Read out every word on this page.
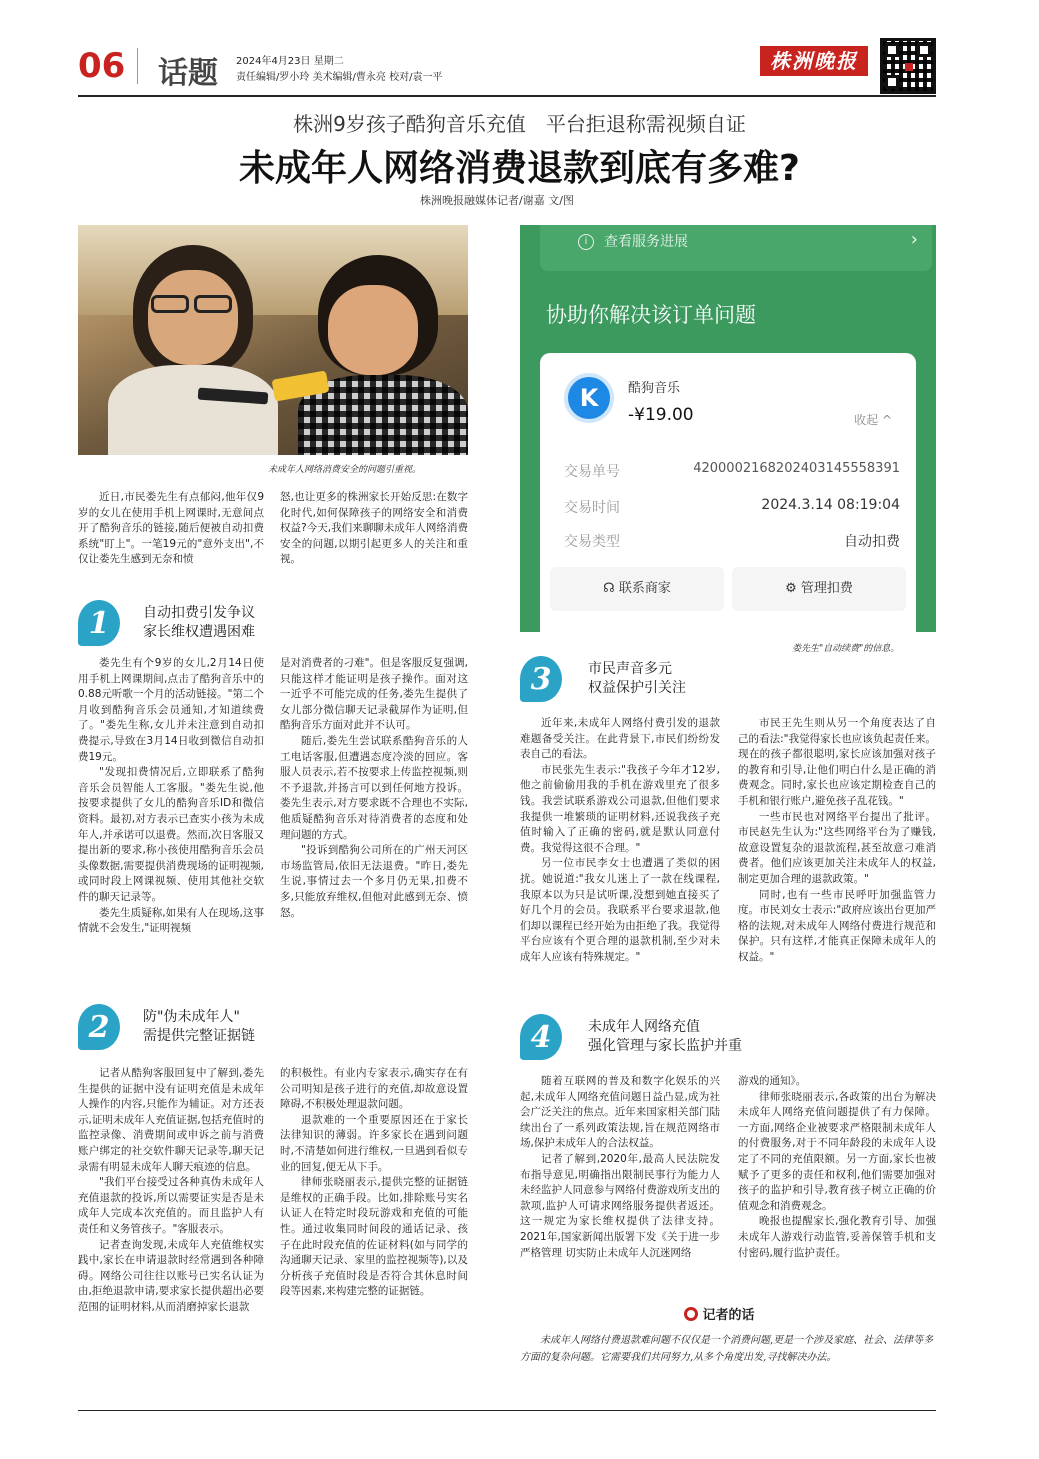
06 话题 2024年4月23日 星期二
责任编辑/罗小玲 美术编辑/曹永亮 校对/袁一平
株洲晚报
株洲9岁孩子酷狗音乐充值　平台拒退称需视频自证
未成年人网络消费退款到底有多难?
株洲晚报融媒体记者/谢嘉 文/图
未成年人网络消费安全的问题引重视。
i	查看服务进展	›
协助你解决该订单问题
K	酷狗音乐
-¥19.00	收起 ^
交易单号	4200002168202403145558391
交易时间	2024.3.14 08:19:04
交易类型	自动扣费
☊ 联系商家	⚙ 管理扣费
娄先生"自动续费"的信息。

近日,市民娄先生有点郁闷,他年仅9岁的女儿在使用手机上网课时,无意间点开了酷狗音乐的链接,随后便被自动扣费系统"盯上"。一笔19元的"意外支出",不仅让娄先生感到无奈和愤

怒,也让更多的株洲家长开始反思:在数字化时代,如何保障孩子的网络安全和消费权益?今天,我们来聊聊未成年人网络消费安全的问题,以期引起更多人的关注和重视。

1	自动扣费引发争议
家长维权遭遇困难

娄先生有个9岁的女儿,2月14日使用手机上网课期间,点击了酷狗音乐中的0.88元听歌一个月的活动链接。"第二个月收到酷狗音乐会员通知,才知道续费了。"娄先生称,女儿并未注意到自动扣费提示,导致在3月14日收到微信自动扣费19元。

"发现扣费情况后,立即联系了酷狗音乐会员智能人工客服。"娄先生说,他按要求提供了女儿的酷狗音乐ID和微信资料。最初,对方表示已查实小孩为未成年人,并承诺可以退费。然而,次日客服又提出新的要求,称小孩使用酷狗音乐会员头像数据,需要提供消费现场的证明视频,或同时段上网课视频、使用其他社交软件的聊天记录等。

娄先生质疑称,如果有人在现场,这事情就不会发生,"证明视频

是对消费者的刁难"。但是客服反复强调,只能这样才能证明是孩子操作。面对这一近乎不可能完成的任务,娄先生提供了女儿部分微信聊天记录截屏作为证明,但酷狗音乐方面对此并不认可。

随后,娄先生尝试联系酷狗音乐的人工电话客服,但遭遇态度冷淡的回应。客服人员表示,若不按要求上传监控视频,则不予退款,并扬言可以到任何地方投诉。娄先生表示,对方要求既不合理也不实际,他质疑酷狗音乐对待消费者的态度和处理问题的方式。

"投诉到酷狗公司所在的广州天河区市场监管局,依旧无法退费。"昨日,娄先生说,事情过去一个多月仍无果,扣费不多,只能放弃维权,但他对此感到无奈、愤怒。

2	防"伪未成年人"
需提供完整证据链

记者从酷狗客服回复中了解到,娄先生提供的证据中没有证明充值是未成年人操作的内容,只能作为辅证。对方还表示,证明未成年人充值证据,包括充值时的监控录像、消费期间或申诉之前与消费账户绑定的社交软件聊天记录等,聊天记录需有明显未成年人聊天痕迹的信息。

"我们平台接受过各种真伪未成年人充值退款的投诉,所以需要证实是否是未成年人完成本次充值的。而且监护人有责任和义务管孩子。"客服表示。

记者查询发现,未成年人充值维权实践中,家长在申请退款时经常遇到各种障碍。网络公司往往以账号已实名认证为由,拒绝退款申请,要求家长提供超出必要范围的证明材料,从而消磨掉家长退款

的积极性。有业内专家表示,确实存在有公司明知是孩子进行的充值,却故意设置障碍,不积极处理退款问题。

退款难的一个重要原因还在于家长法律知识的薄弱。许多家长在遇到问题时,不清楚如何进行维权,一旦遇到看似专业的回复,便无从下手。

律师张晓丽表示,提供完整的证据链是维权的正确手段。比如,排除账号实名认证人在特定时段玩游戏和充值的可能性。通过收集同时间段的通话记录、孩子在此时段充值的佐证材料(如与同学的沟通聊天记录、家里的监控视频等),以及分析孩子充值时段是否符合其休息时间段等因素,来构建完整的证据链。

3	市民声音多元
权益保护引关注

近年来,未成年人网络付费引发的退款难题备受关注。在此背景下,市民们纷纷发表自己的看法。

市民张先生表示:"我孩子今年才12岁,他之前偷偷用我的手机在游戏里充了很多钱。我尝试联系游戏公司退款,但他们要求我提供一堆繁琐的证明材料,还说我孩子充值时输入了正确的密码,就是默认同意付费。我觉得这很不合理。"

另一位市民李女士也遭遇了类似的困扰。她说道:"我女儿迷上了一款在线课程,我原本以为只是试听课,没想到她直接买了好几个月的会员。我联系平台要求退款,他们却以课程已经开始为由拒绝了我。我觉得平台应该有个更合理的退款机制,至少对未成年人应该有特殊规定。"

市民王先生则从另一个角度表达了自己的看法:"我觉得家长也应该负起责任来。现在的孩子都很聪明,家长应该加强对孩子的教育和引导,让他们明白什么是正确的消费观念。同时,家长也应该定期检查自己的手机和银行账户,避免孩子乱花钱。"

一些市民也对网络平台提出了批评。市民赵先生认为:"这些网络平台为了赚钱,故意设置复杂的退款流程,甚至故意刁难消费者。他们应该更加关注未成年人的权益,制定更加合理的退款政策。"

同时,也有一些市民呼吁加强监管力度。市民刘女士表示:"政府应该出台更加严格的法规,对未成年人网络付费进行规范和保护。只有这样,才能真正保障未成年人的权益。"

4	未成年人网络充值
强化管理与家长监护并重

随着互联网的普及和数字化娱乐的兴起,未成年人网络充值问题日益凸显,成为社会广泛关注的焦点。近年来国家相关部门陆续出台了一系列政策法规,旨在规范网络市场,保护未成年人的合法权益。

记者了解到,2020年,最高人民法院发布指导意见,明确指出限制民事行为能力人未经监护人同意参与网络付费游戏所支出的款项,监护人可请求网络服务提供者返还。这一规定为家长维权提供了法律支持。2021年,国家新闻出版署下发《关于进一步严格管理 切实防止未成年人沉迷网络

游戏的通知》。

律师张晓丽表示,各政策的出台为解决未成年人网络充值问题提供了有力保障。一方面,网络企业被要求严格限制未成年人的付费服务,对于不同年龄段的未成年人设定了不同的充值限额。另一方面,家长也被赋予了更多的责任和权利,他们需要加强对孩子的监护和引导,教育孩子树立正确的价值观念和消费观念。

晚报也提醒家长,强化教育引导、加强未成年人游戏行动监管,妥善保管手机和支付密码,履行监护责任。

记者的话
未成年人网络付费退款难问题不仅仅是一个消费问题,更是一个涉及家庭、社会、法律等多方面的复杂问题。它需要我们共同努力,从多个角度出发,寻找解决办法。
